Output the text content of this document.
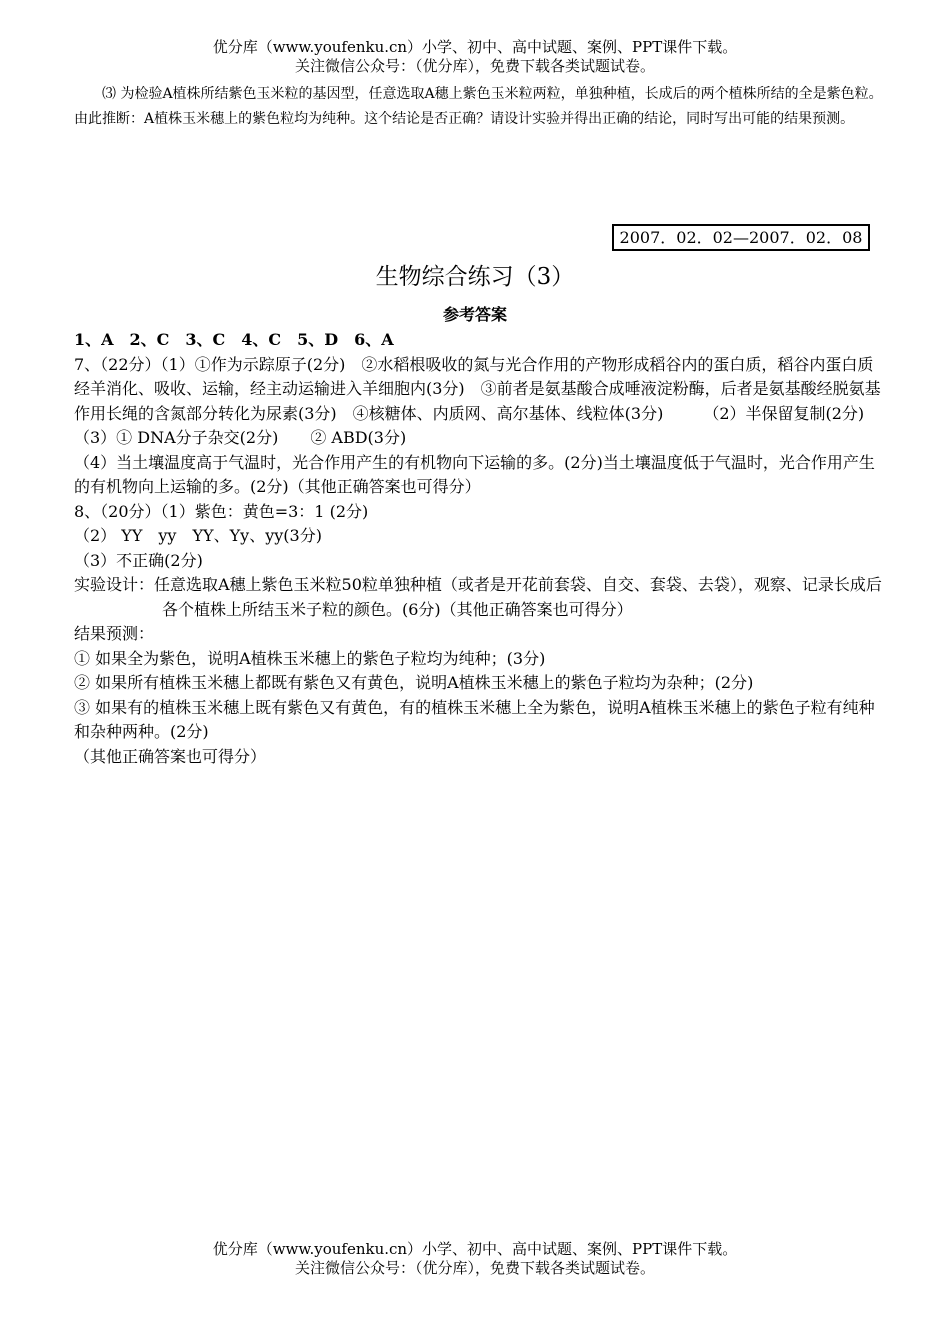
优分库（www.youfenku.cn）小学、初中、高中试题、案例、PPT课件下载。
关注微信公众号：（优分库），免费下载各类试题试卷。

⑶ 为检验A植株所结紫色玉米粒的基因型，任意选取A穗上紫色玉米粒两粒，单独种植，长成后的两个植株所结的全是紫色粒。由此推断：A植株玉米穗上的紫色粒均为纯种。这个结论是否正确？请设计实验并得出正确的结论，同时写出可能的结果预测。

2007．02．02—2007．02．08
生物综合练习（3）
参考答案
1、A　2、C　3、C　4、C　5、D　6、A
7、（22分）（1）①作为示踪原子(2分)　②水稻根吸收的氮与光合作用的产物形成稻谷内的蛋白质，稻谷内蛋白质经羊消化、吸收、运输，经主动运输进入羊细胞内(3分)　③前者是氨基酸合成唾液淀粉酶，后者是氨基酸经脱氨基作用长绳的含氮部分转化为尿素(3分)　④核糖体、内质网、高尔基体、线粒体(3分)　　　（2）半保留复制(2分)　　　（3）① DNA分子杂交(2分)　　② ABD(3分)
（4）当土壤温度高于气温时，光合作用产生的有机物向下运输的多。(2分)当土壤温度低于气温时，光合作用产生的有机物向上运输的多。(2分)（其他正确答案也可得分）
8、（20分）（1）紫色：黄色=3：1 (2分)
（2） YY　yy　YY、Yy、yy(3分)
（3）不正确(2分)
实验设计：任意选取A穗上紫色玉米粒50粒单独种植（或者是开花前套袋、自交、套袋、去袋），观察、记录长成后各个植株上所结玉米子粒的颜色。(6分)（其他正确答案也可得分）
结果预测：
① 如果全为紫色，说明A植株玉米穗上的紫色子粒均为纯种；(3分)
② 如果所有植株玉米穗上都既有紫色又有黄色，说明A植株玉米穗上的紫色子粒均为杂种；(2分)
③ 如果有的植株玉米穗上既有紫色又有黄色，有的植株玉米穗上全为紫色，说明A植株玉米穗上的紫色子粒有纯种和杂种两种。(2分)
（其他正确答案也可得分）
优分库（www.youfenku.cn）小学、初中、高中试题、案例、PPT课件下载。
关注微信公众号：（优分库），免费下载各类试题试卷。
